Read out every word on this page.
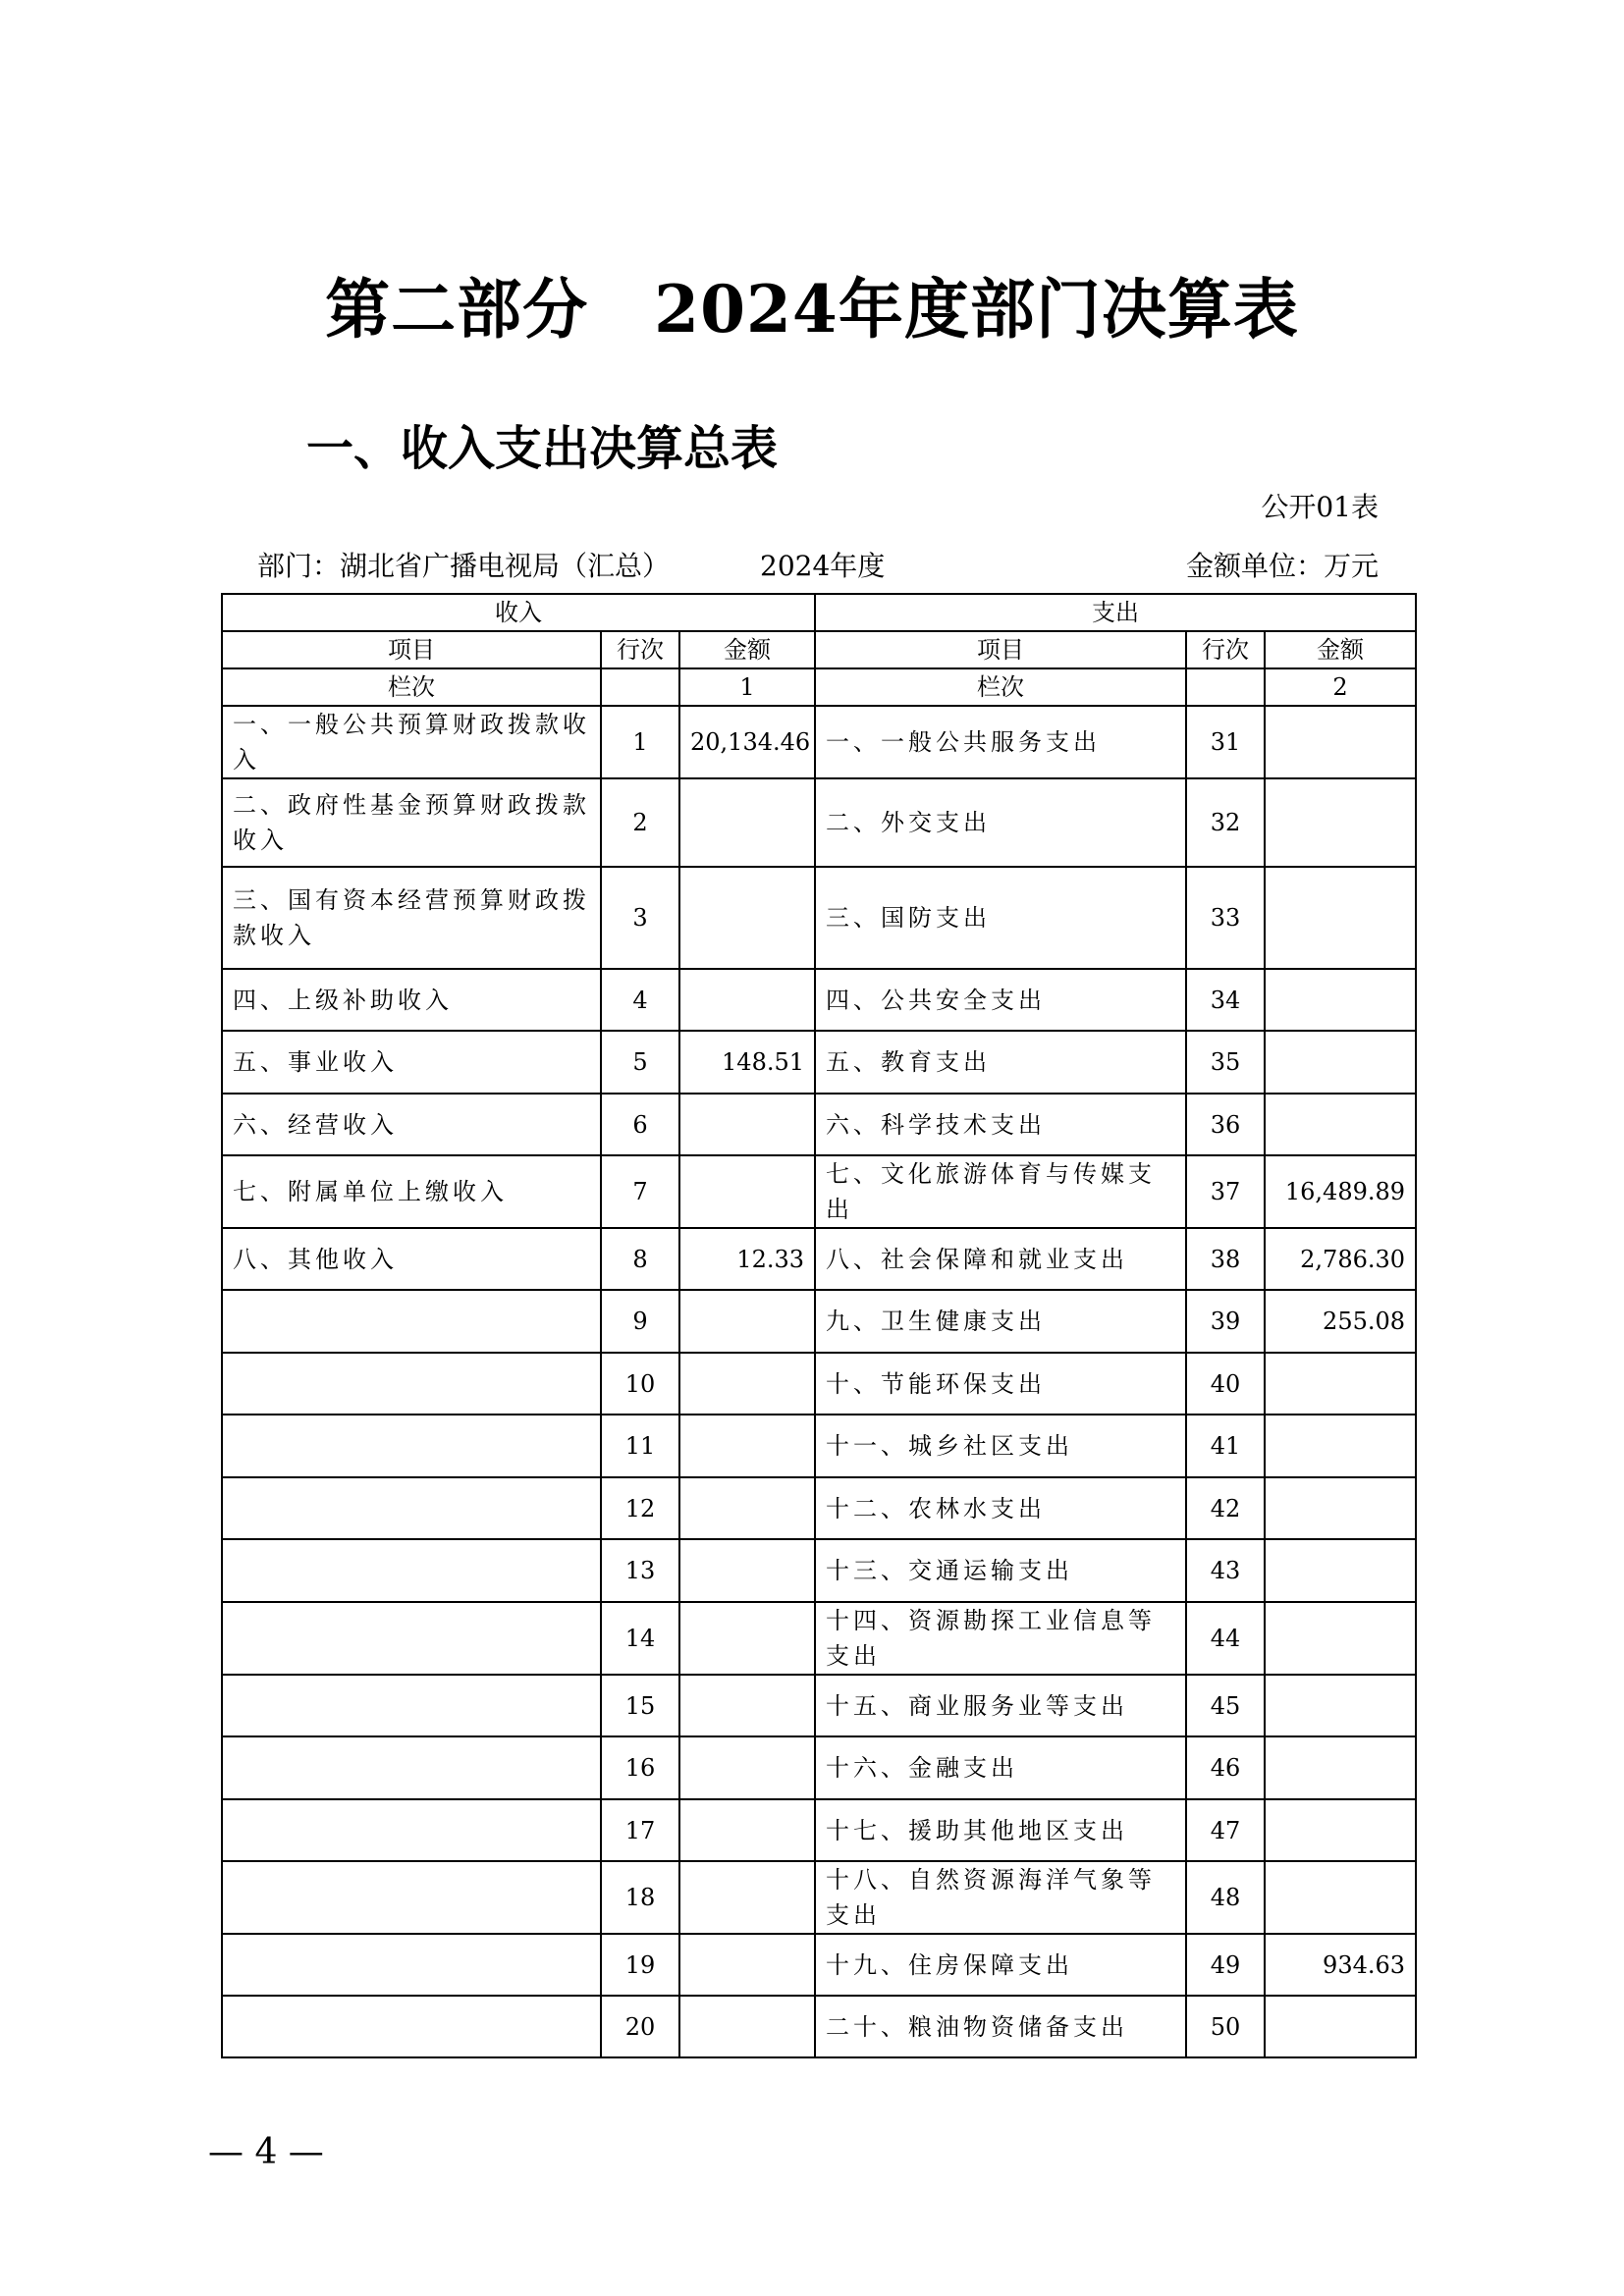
第二部分　2024年度部门决算表
一、收入支出决算总表
公开01表
部门：湖北省广播电视局（汇总）	2024年度	金额单位：万元
收入			支出		
项目	行次	金额	项目	行次	金额
栏次		1	栏次		2
一、一般公共预算财政拨款收入	1	20,134.46	一、一般公共服务支出	31	
二、政府性基金预算财政拨款收入	2		二、外交支出	32	
三、国有资本经营预算财政拨款收入	3		三、国防支出	33	
四、上级补助收入	4		四、公共安全支出	34	
五、事业收入	5	148.51	五、教育支出	35	
六、经营收入	6		六、科学技术支出	36	
七、附属单位上缴收入	7		七、文化旅游体育与传媒支出	37	16,489.89
八、其他收入	8	12.33	八、社会保障和就业支出	38	2,786.30
	9		九、卫生健康支出	39	255.08
	10		十、节能环保支出	40	
	11		十一、城乡社区支出	41	
	12		十二、农林水支出	42	
	13		十三、交通运输支出	43	
	14		十四、资源勘探工业信息等支出	44	
	15		十五、商业服务业等支出	45	
	16		十六、金融支出	46	
	17		十七、援助其他地区支出	47	
	18		十八、自然资源海洋气象等支出	48	
	19		十九、住房保障支出	49	934.63
	20		二十、粮油物资储备支出	50	
— 4 —
